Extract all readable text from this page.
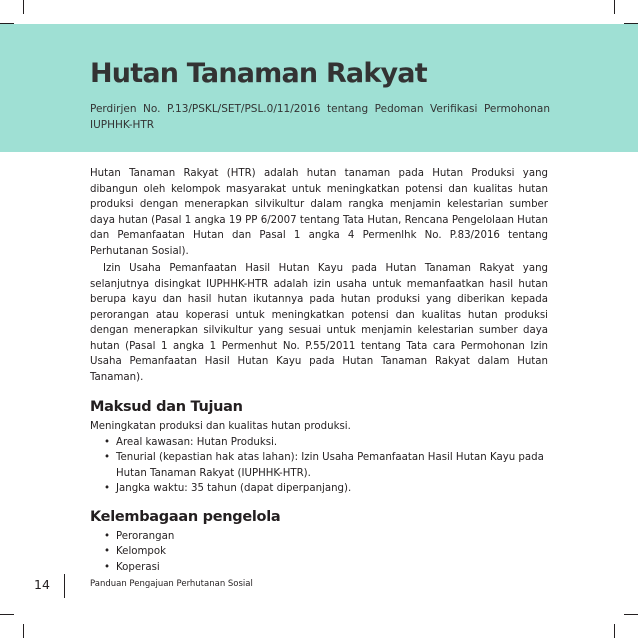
Hutan Tanaman Rakyat

Perdirjen No. P.13/PSKL/SET/PSL.0/11/2016 tentang Pedoman Verifikasi Permohonan IUPHHK-HTR

Hutan Tanaman Rakyat (HTR) adalah hutan tanaman pada Hutan Produksi yang dibangun oleh kelompok masyarakat untuk meningkatkan potensi dan kualitas hutan produksi dengan menerapkan silvikultur dalam rangka menjamin kelestarian sumber daya hutan (Pasal 1 angka 19 PP 6/2007 tentang Tata Hutan, Rencana Pengelolaan Hutan dan Pemanfaatan Hutan dan Pasal 1 angka 4 Permenlhk No. P.83/2016 tentang Perhutanan Sosial).

Izin Usaha Pemanfaatan Hasil Hutan Kayu pada Hutan Tanaman Rakyat yang selanjutnya disingkat IUPHHK-HTR adalah izin usaha untuk memanfaatkan hasil hutan berupa kayu dan hasil hutan ikutannya pada hutan produksi yang diberikan kepada perorangan atau koperasi untuk meningkatkan potensi dan kualitas hutan produksi dengan menerapkan silvikultur yang sesuai untuk menjamin kelestarian sumber daya hutan (Pasal 1 angka 1 Permenhut No. P.55/2011 tentang Tata cara Permohonan Izin Usaha Pemanfaatan Hasil Hutan Kayu pada Hutan Tanaman Rakyat dalam Hutan Tanaman).

Maksud dan Tujuan

Meningkatan produksi dan kualitas hutan produksi.

• Areal kawasan: Hutan Produksi.
• Tenurial (kepastian hak atas lahan): Izin Usaha Pemanfaatan Hasil Hutan Kayu pada Hutan Tanaman Rakyat (IUPHHK-HTR).
• Jangka waktu: 35 tahun (dapat diperpanjang).
Kelembagaan pengelola
• Perorangan
• Kelompok
• Koperasi
14	Panduan Pengajuan Perhutanan Sosial
